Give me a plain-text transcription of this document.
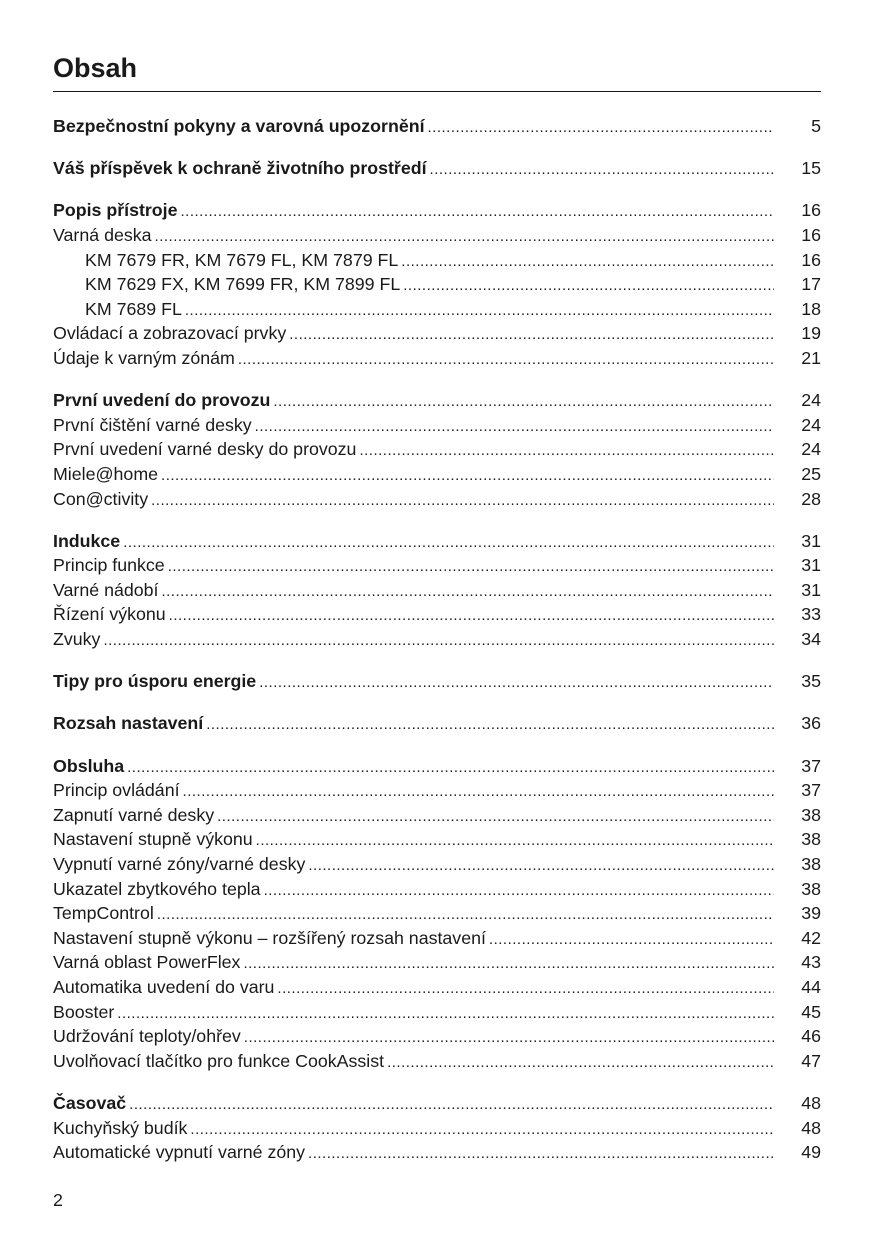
Obsah
Bezpečnostní pokyny a varovná upozornění .....	5
Váš příspěvek k ochraně životního prostředí .....	15
Popis přístroje .....	16
Varná deska .....	16
KM 7679 FR, KM 7679 FL, KM 7879 FL .....	16
KM 7629 FX, KM 7699 FR, KM 7899 FL .....	17
KM 7689 FL .....	18
Ovládací a zobrazovací prvky .....	19
Údaje k varným zónám .....	21
První uvedení do provozu .....	24
První čištění varné desky .....	24
První uvedení varné desky do provozu .....	24
Miele@home .....	25
Con@ctivity .....	28
Indukce .....	31
Princip funkce .....	31
Varné nádobí .....	31
Řízení výkonu .....	33
Zvuky .....	34
Tipy pro úsporu energie .....	35
Rozsah nastavení .....	36
Obsluha .....	37
Princip ovládání .....	37
Zapnutí varné desky .....	38
Nastavení stupně výkonu .....	38
Vypnutí varné zóny/varné desky .....	38
Ukazatel zbytkového tepla .....	38
TempControl .....	39
Nastavení stupně výkonu – rozšířený rozsah nastavení .....	42
Varná oblast PowerFlex .....	43
Automatika uvedení do varu .....	44
Booster .....	45
Udržování teploty/ohřev .....	46
Uvolňovací tlačítko pro funkce CookAssist .....	47
Časovač .....	48
Kuchyňský budík .....	48
Automatické vypnutí varné zóny .....	49
2
